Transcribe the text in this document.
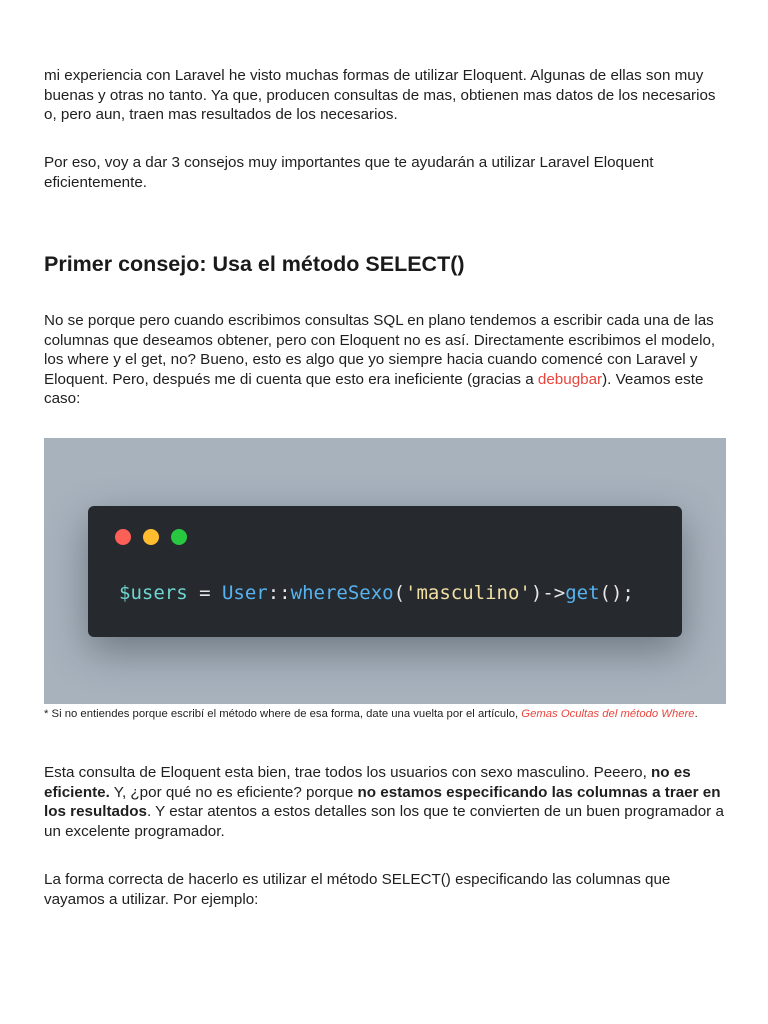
mi experiencia con Laravel he visto muchas formas de utilizar Eloquent. Algunas de ellas son muy buenas y otras no tanto. Ya que, producen consultas de mas, obtienen mas datos de los necesarios o, pero aun, traen mas resultados de los necesarios.

Por eso, voy a dar 3 consejos muy importantes que te ayudarán a utilizar Laravel Eloquent eficientemente.

Primer consejo: Usa el método SELECT()

No se porque pero cuando escribimos consultas SQL en plano tendemos a escribir cada una de las columnas que deseamos obtener, pero con Eloquent no es así. Directamente escribimos el modelo, los where y el get, no? Bueno, esto es algo que yo siempre hacia cuando comencé con Laravel y Eloquent. Pero, después me di cuenta que esto era ineficiente (gracias a debugbar). Veamos este caso:

$users = User::whereSexo('masculino')->get();

* Si no entiendes porque escribí el método where de esa forma, date una vuelta por el artículo, Gemas Ocultas del método Where.

Esta consulta de Eloquent esta bien, trae todos los usuarios con sexo masculino. Peeero, no es eficiente. Y, ¿por qué no es eficiente? porque no estamos especificando las columnas a traer en los resultados. Y estar atentos a estos detalles son los que te convierten de un buen programador a un excelente programador.

La forma correcta de hacerlo es utilizar el método SELECT() especificando las columnas que vayamos a utilizar. Por ejemplo:
